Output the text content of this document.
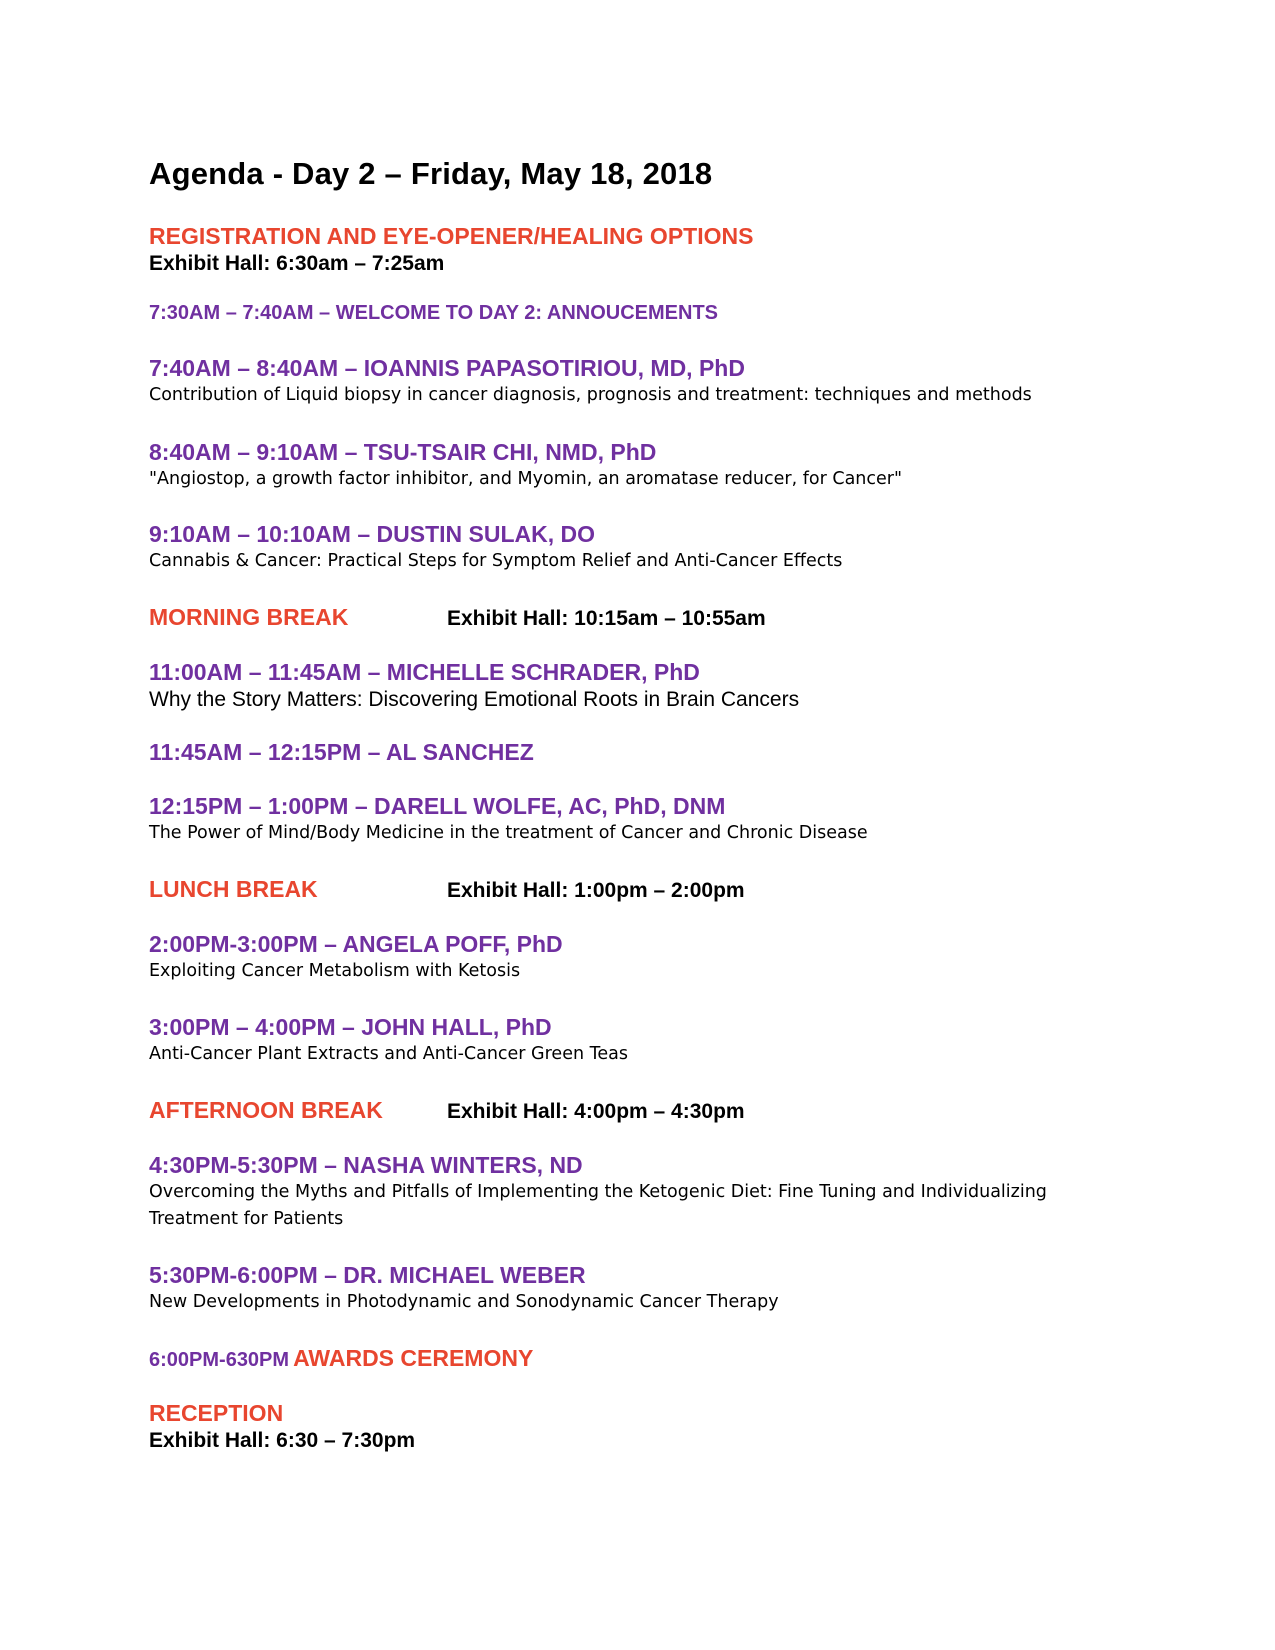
Agenda - Day 2 – Friday, May 18, 2018
REGISTRATION AND EYE-OPENER/HEALING OPTIONS
Exhibit Hall: 6:30am – 7:25am
7:30AM – 7:40AM – WELCOME TO DAY 2: ANNOUCEMENTS
7:40AM – 8:40AM – IOANNIS PAPASOTIRIOU, MD, PhD
Contribution of Liquid biopsy in cancer diagnosis, prognosis and treatment: techniques and methods
8:40AM – 9:10AM – TSU-TSAIR CHI, NMD, PhD
"Angiostop, a growth factor inhibitor, and Myomin, an aromatase reducer, for Cancer"
9:10AM – 10:10AM – DUSTIN SULAK, DO
Cannabis & Cancer: Practical Steps for Symptom Relief and Anti-Cancer Effects
MORNING BREAK	Exhibit Hall: 10:15am – 10:55am
11:00AM – 11:45AM – MICHELLE SCHRADER, PhD
Why the Story Matters: Discovering Emotional Roots in Brain Cancers
11:45AM – 12:15PM – AL SANCHEZ
12:15PM – 1:00PM – DARELL WOLFE, AC, PhD, DNM
The Power of Mind/Body Medicine in the treatment of Cancer and Chronic Disease
LUNCH BREAK	Exhibit Hall: 1:00pm – 2:00pm
2:00PM-3:00PM – ANGELA POFF, PhD
Exploiting Cancer Metabolism with Ketosis
3:00PM – 4:00PM – JOHN HALL, PhD
Anti-Cancer Plant Extracts and Anti-Cancer Green Teas
AFTERNOON BREAK	Exhibit Hall: 4:00pm – 4:30pm
4:30PM-5:30PM – NASHA WINTERS, ND
Overcoming the Myths and Pitfalls of Implementing the Ketogenic Diet: Fine Tuning and Individualizing Treatment for Patients
5:30PM-6:00PM – DR. MICHAEL WEBER
New Developments in Photodynamic and Sonodynamic Cancer Therapy
6:00PM-630PM AWARDS CEREMONY
RECEPTION
Exhibit Hall: 6:30 – 7:30pm
